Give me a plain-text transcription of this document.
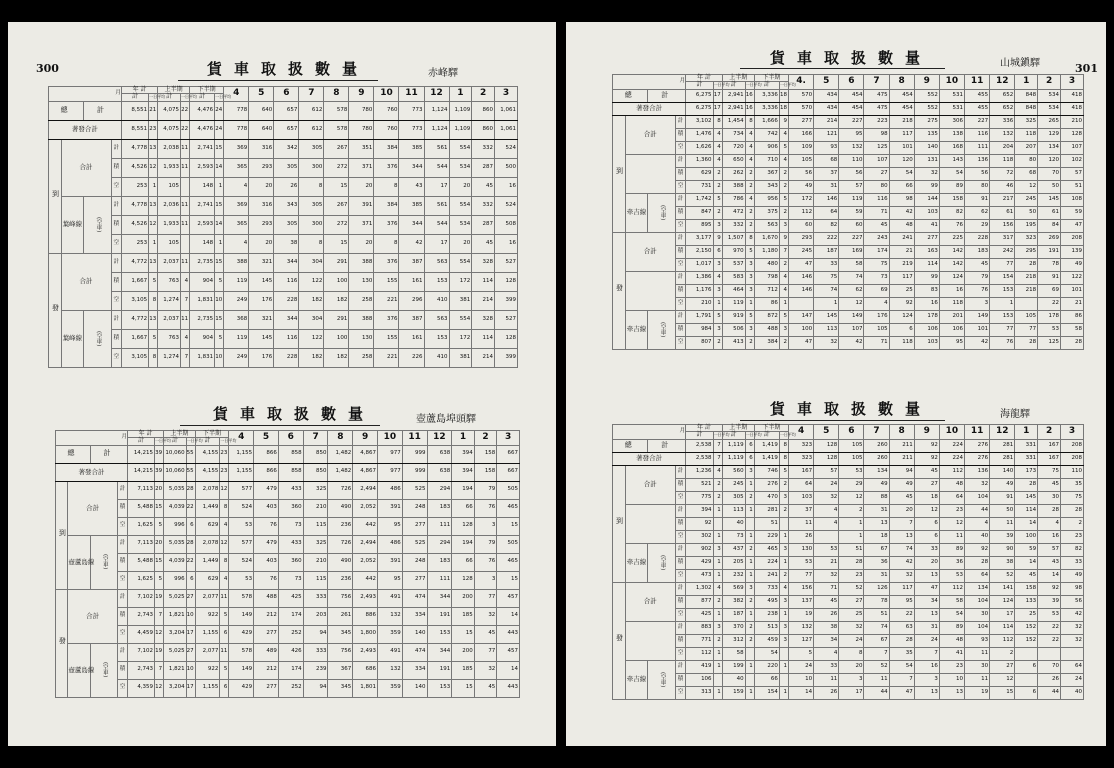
300	301
貨車取扱數量	赤峰驛
貨車取扱數量	壺蘆島埠頭驛
貨車取扱數量	山城鎭驛
貨車取扱數量	海龍驛
月				年 計		上半期		下半期		4	5	6	7	8	9	10	11	12	1	2	3
				計	一日平均	計	一日平均	計	一日平均												
總		計		8,551	21	4,075	22	4,476	24	778	640	657	612	578	780	760	773	1,124	1,109	860	1,061
著發合計				8,551	23	4,075	22	4,476	24	778	640	657	612	578	780	760	773	1,124	1,109	860	1,061
到	合計		計	4,778	13	2,038	11	2,741	15	369	316	342	305	267	351	384	385	561	554	332	524
			積	4,526	12	1,933	11	2,593	14	365	293	305	300	272	371	376	344	544	534	287	500
			空	253	1	105		148	1	4	20	26	8	15	20	8	43	17	20	45	16
	葉峰線	(空車)	計	4,778	13	2,036	11	2,741	15	369	316	343	305	267	391	384	385	561	554	332	524
			積	4,526	12	1,933	11	2,593	14	365	293	305	300	272	371	376	344	544	534	287	508
			空	253	1	105		148	1	4	20	38	8	15	20	8	42	17	20	45	16
發	合計		計	4,772	13	2,037	11	2,735	15	388	321	344	304	291	388	376	387	563	554	328	527
			積	1,667	5	763	4	904	5	119	145	116	122	100	130	155	161	153	172	114	128
			空	3,105	8	1,274	7	1,831	10	249	176	228	182	182	258	221	296	410	381	214	399
	葉峰線	(空車)	計	4,772	13	2,037	11	2,735	15	368	321	344	304	291	388	376	387	563	554	328	527
			積	1,667	5	763	4	904	5	119	145	116	122	100	130	155	161	153	172	114	128
			空	3,105	8	1,274	7	1,831	10	249	176	228	182	182	258	221	226	410	381	214	399
月				年 計		上半期		下半期		4	5	6	7	8	9	10	11	12	1	2	3
				計	一日平均	計	一日平均	計	一日平均												
總		計		14,215	39	10,060	55	4,155	23	1,155	866	858	850	1,482	4,867	977	999	638	394	158	667
著發合計				14,215	39	10,060	55	4,155	23	1,155	866	858	850	1,482	4,867	977	999	638	394	158	667
到	合計		計	7,113	20	5,035	28	2,078	12	577	479	433	325	726	2,494	486	525	294	194	79	505
			積	5,488	15	4,039	22	1,449	8	524	403	360	210	490	2,052	391	248	183	66	76	465
			空	1,625	5	996	6	629	4	53	76	73	115	236	442	95	277	111	128	3	15
	壺蘆島線	(空車)	計	7,113	20	5,035	28	2,078	12	577	479	433	325	726	2,494	486	525	294	194	79	505
			積	5,488	15	4,039	22	1,449	8	524	403	360	210	490	2,052	391	248	183	66	76	465
			空	1,625	5	996	6	629	4	53	76	73	115	236	442	95	277	111	128	3	15
發	合計		計	7,102	19	5,025	27	2,077	11	578	488	425	333	756	2,493	491	474	344	200	77	457
			積	2,743	7	1,821	10	922	5	149	212	174	203	261	886	132	334	191	185	32	14
			空	4,459	12	3,204	17	1,155	6	429	277	252	94	345	1,800	359	140	153	15	45	443
	壺蘆島線	(空車)	計	7,102	19	5,025	27	2,077	11	578	489	426	333	756	2,493	491	474	344	200	77	457
			積	2,743	7	1,821	10	922	5	149	212	174	239	367	686	132	334	191	185	32	14
			空	4,359	12	3,204	17	1,155	6	429	277	252	94	345	1,801	359	140	153	15	45	443
月				年 計		上半期		下半期		4.	5	6	7	8	9	10	11	12	1	2	3
				計	一日平均	計	一日平均	計	一日平均												
總		計		6,275	17	2,941	16	3,336	18	570	434	454	475	454	552	531	455	652	848	534	418
著發合計				6,275	17	2,941	16	3,336	18	570	434	454	475	454	552	531	455	652	848	534	418
到	合計		計	3,102	8	1,454	8	1,666	9	277	214	227	223	218	275	306	227	336	325	265	210
			積	1,476	4	734	4	742	4	166	121	95	98	117	135	138	116	132	118	129	128
			空	1,626	4	720	4	906	5	109	93	132	125	101	140	168	111	204	207	134	107
			計	1,360	4	650	4	710	4	105	68	110	107	120	131	143	136	118	80	120	102
			積	629	2	262	2	367	2	56	37	56	27	54	32	54	56	72	68	70	57
			空	731	2	388	2	343	2	49	31	57	80	66	99	89	80	46	12	50	51
	牵吉線	(空車)	計	1,742	5	786	4	956	5	172	146	119	116	98	144	158	91	217	245	145	108
			積	847	2	472	2	375	2	112	64	59	71	42	103	82	62	61	50	61	59
			空	895	3	332	2	563	3	60	82	60	45	48	41	76	29	156	195	84	47
發	合計		計	3,177	9	1,507	8	1,670	9	293	222	227	243	241	277	225	228	317	323	269	208
			積	2,150	6	970	5	1,180	7	245	187	169	174	21	163	142	183	242	295	191	139
			空	1,017	3	537	3	480	2	47	33	58	75	219	114	142	45	77	28	78	49
			計	1,386	4	583	3	798	4	146	75	74	73	117	99	124	79	154	218	91	122
			積	1,176	3	464	3	712	4	146	74	62	69	25	83	16	76	153	218	69	101
			空	210	1	119	1	86	1		1	12	4	92	16	118	3	1		22	21
	牵吉線	(空車)	計	1,791	5	919	5	872	5	147	145	149	176	124	178	201	149	153	105	178	86
			積	984	3	506	3	488	3	100	113	107	105	6	106	106	101	77	77	53	58
			空	807	2	413	2	384	2	47	32	42	71	118	103	95	42	76	28	125	28
月				年 計		上半期		下半期		4	5	6	7	8	9	10	11	12	1	2	3
				計	一日平均	計	一日平均	計	一日平均												
總		計		2,538	7	1,119	6	1,419	8	323	128	105	260	211	92	224	276	281	331	167	208
著發合計				2,538	7	1,119	6	1,419	8	323	128	105	260	211	92	224	276	281	331	167	208
到	合計		計	1,236	4	560	3	746	5	167	57	53	134	94	45	112	136	140	173	75	110
			積	521	2	245	1	276	2	64	24	29	49	49	27	48	32	49	28	45	35
			空	775	2	305	2	470	3	103	32	12	88	45	18	64	104	91	145	30	75
			計	394	1	113	1	281	2	37	4	2	31	20	12	23	44	50	114	28	28
			積	92		40		51		11	4	1	13	7	6	12	4	11	14	4	2
			空	302	1	73	1	229	1	26		1	18	13	6	11	40	39	100	16	23
	牵吉線	(空車)	計	902	3	437	2	465	3	130	53	51	67	74	33	89	92	90	59	57	82
			積	429	1	205	1	224	1	53	21	28	36	42	20	36	28	38	14	43	33
			空	473	1	232	1	241	2	77	32	23	31	32	13	53	64	52	45	14	49
發	合計		計	1,302	4	569	3	733	4	156	71	52	126	117	47	112	134	141	158	92	98
			積	877	2	382	2	495	3	137	45	27	78	95	34	58	104	124	133	39	56
			空	425	1	187	1	238	1	19	26	25	51	22	13	54	30	17	25	53	42
			計	883	3	370	2	513	3	132	38	32	74	63	31	89	104	114	152	22	32
			積	771	2	312	2	459	3	127	34	24	67	28	24	48	93	112	152	22	32
			空	112	1	58		54		5	4	8	7	35	7	41	11	2			
	牵吉線	(空車)	計	419	1	199	1	220	1	24	33	20	52	54	16	23	30	27	6	70	64
			積	106		40		66		10	11	3	11	7	3	10	11	12		26	24
			空	313	1	159	1	154	1	14	26	17	44	47	13	13	19	15	6	44	40
